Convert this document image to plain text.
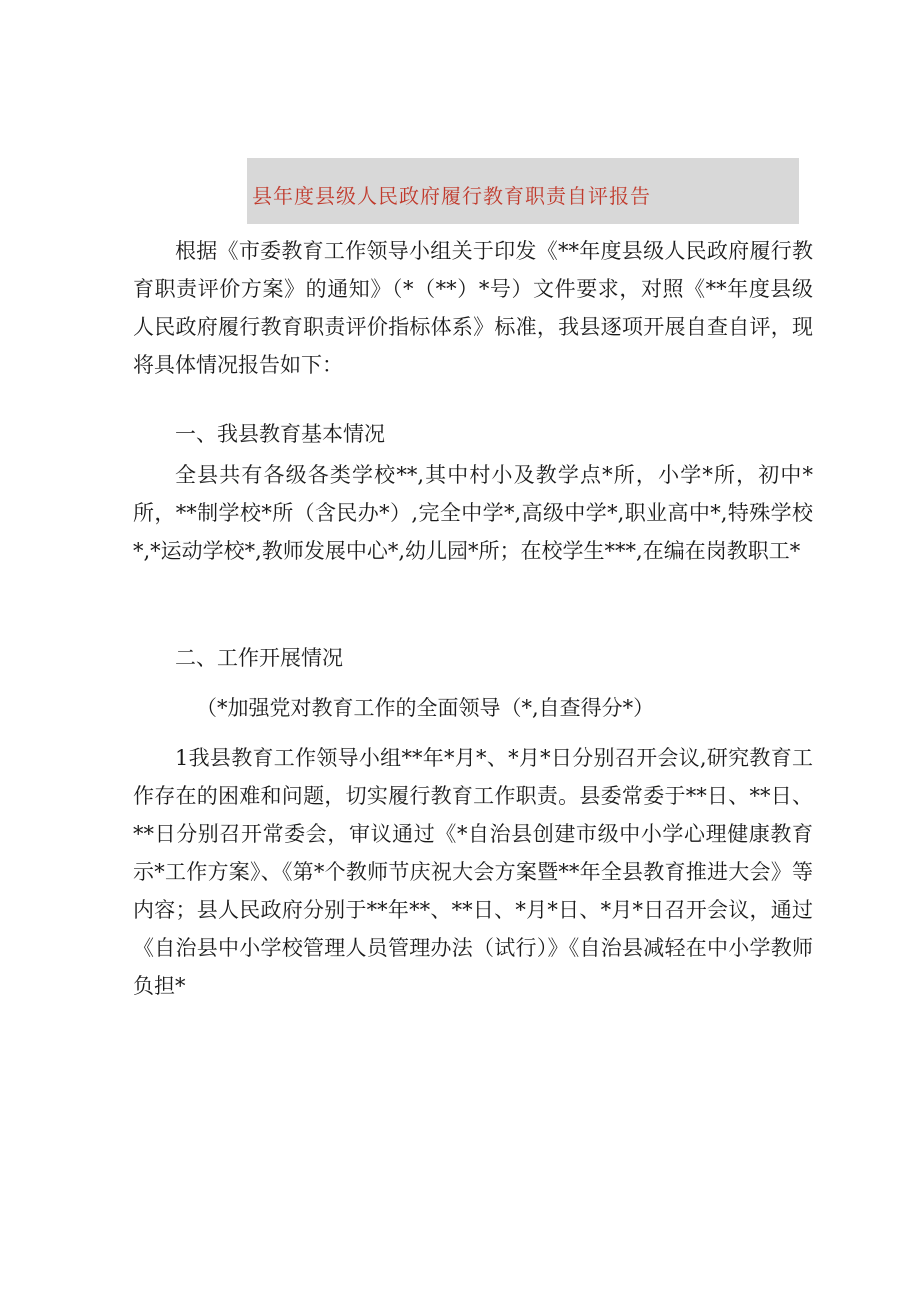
县年度县级人民政府履行教育职责自评报告

根据《市委教育工作领导小组关于印发《**年度县级人民政府履行教育职责评价方案》的通知》（*（**）*号）文件要求，对照《**年度县级人民政府履行教育职责评价指标体系》标准，我县逐项开展自查自评，现将具体情况报告如下：

一、我县教育基本情况

全县共有各级各类学校**,其中村小及教学点*所，小学*所，初中*所，**制学校*所（含民办*）,完全中学*,高级中学*,职业高中*,特殊学校*,*运动学校*,教师发展中心*,幼儿园*所；在校学生***,在编在岗教职工*

二、工作开展情况

（*加强党对教育工作的全面领导（*,自查得分*）

1我县教育工作领导小组**年*月*、*月*日分别召开会议,研究教育工作存在的困难和问题，切实履行教育工作职责。县委常委于**日、**日、**日分别召开常委会，审议通过《*自治县创建市级中小学心理健康教育示*工作方案》、《第*个教师节庆祝大会方案暨**年全县教育推进大会》等内容；县人民政府分别于**年**、**日、*月*日、*月*日召开会议，通过《自治县中小学校管理人员管理办法（试行）》《自治县减轻在中小学教师负担*
